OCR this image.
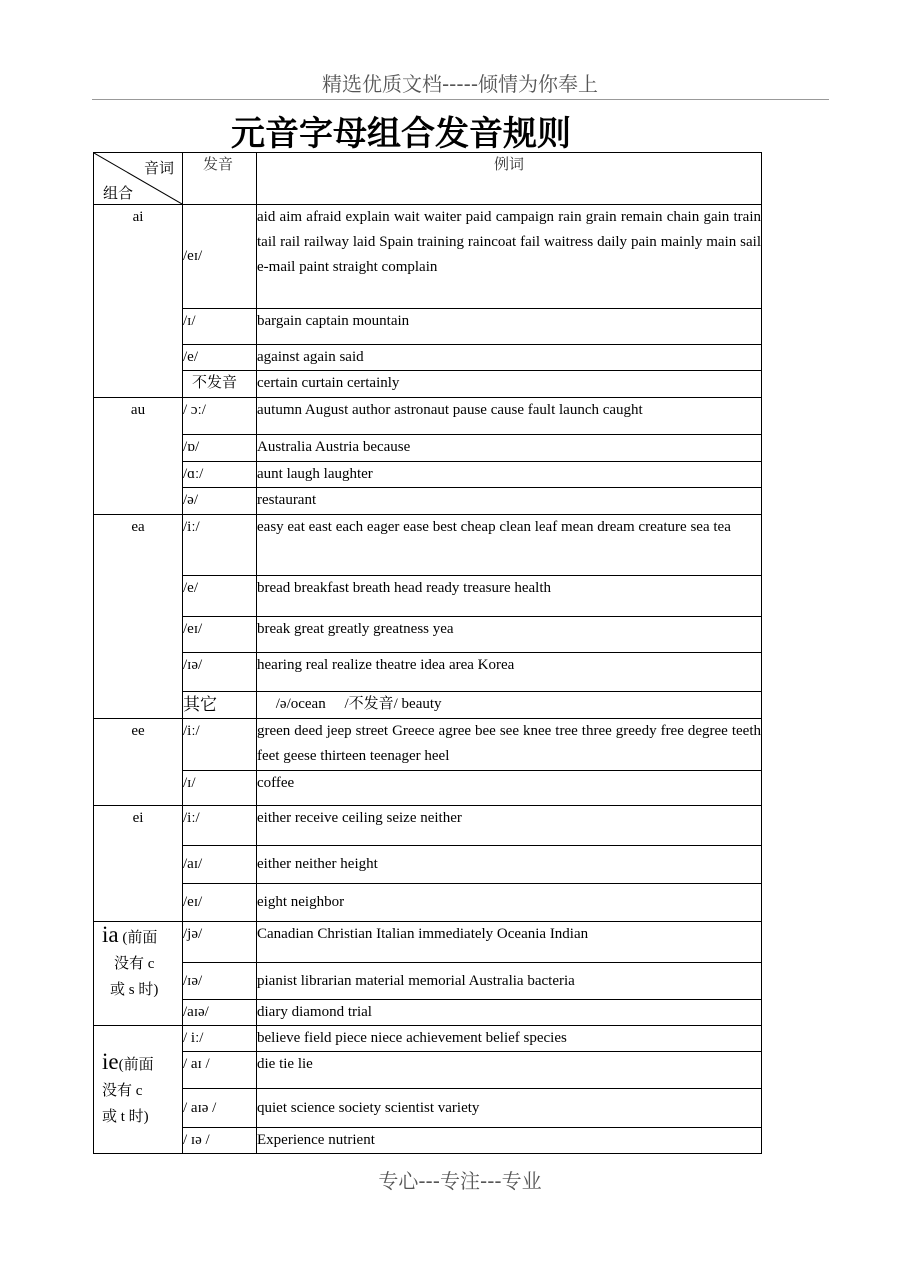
精选优质文档-----倾情为你奉上
元音字母组合发音规则
音词
组合	发音	例词
ai	/eɪ/	aid aim afraid explain wait waiter paid campaign rain grain remain chain gain train tail rail railway laid Spain training raincoat fail waitress daily pain mainly main sail e-mail paint straight complain
	/ɪ/	bargain captain mountain
	/e/	against again said
	不发音	certain curtain certainly
au	/ ɔː/	autumn August author astronaut pause cause fault launch caught
	/ɒ/	Australia Austria because
	/ɑː/	aunt laugh laughter
	/ə/	restaurant
ea	/iː/	easy eat east each eager ease best cheap clean leaf mean dream creature sea tea
	/e/	bread breakfast breath head ready treasure health
	/eɪ/	break great greatly greatness yea
	/ɪə/	hearing real realize theatre idea area Korea
	其它	/ə/ocean     /不发音/ beauty
ee	/iː/	green deed jeep street Greece agree bee see knee tree three greedy free degree teeth feet geese thirteen teenager heel
	/ɪ/	coffee
ei	/iː/	either receive ceiling seize neither
	/aɪ/	either neither height
	/eɪ/	eight neighbor

ia (前面
没有 c
或 s 时)	/jə/	Canadian Christian Italian immediately Oceania Indian
	/ɪə/	pianist librarian material memorial Australia bacteria
	/aɪə/	diary diamond trial

ie(前面
没有 c
或 t 时)	/ iː/	believe field piece niece achievement belief species
	/ aɪ /	die tie lie
	/ aɪə /	quiet science society scientist variety
	/ ɪə /	Experience nutrient
专心---专注---专业
